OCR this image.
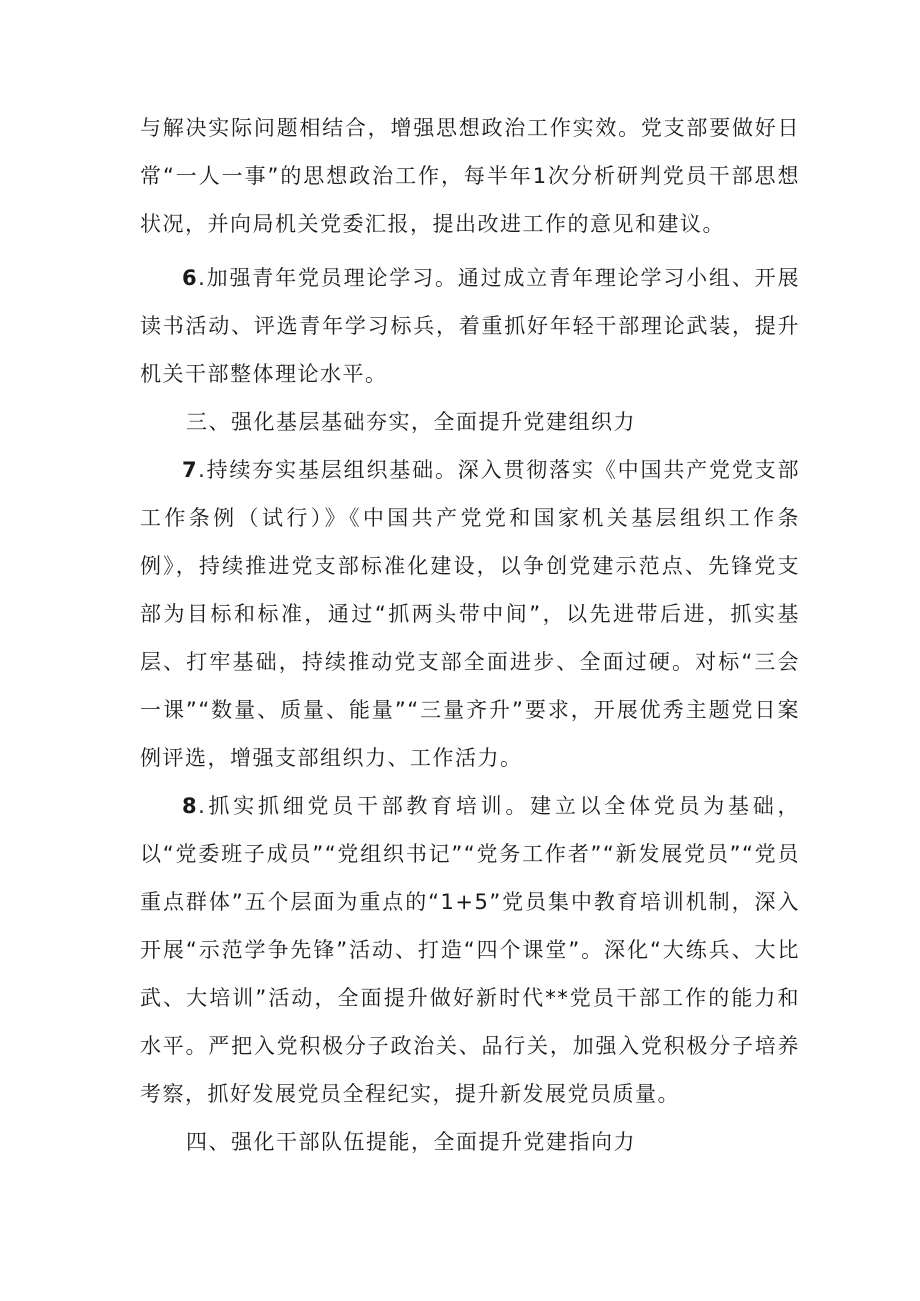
与解决实际问题相结合，增强思想政治工作实效。党支部要做好日常“一人一事”的思想政治工作，每半年1次分析研判党员干部思想状况，并向局机关党委汇报，提出改进工作的意见和建议。

6.加强青年党员理论学习。通过成立青年理论学习小组、开展读书活动、评选青年学习标兵，着重抓好年轻干部理论武装，提升机关干部整体理论水平。

三、强化基层基础夯实，全面提升党建组织力

7.持续夯实基层组织基础。深入贯彻落实《中国共产党党支部工作条例（试行）》《中国共产党党和国家机关基层组织工作条例》，持续推进党支部标准化建设，以争创党建示范点、先锋党支部为目标和标准，通过“抓两头带中间”，以先进带后进，抓实基层、打牢基础，持续推动党支部全面进步、全面过硬。对标“三会一课”“数量、质量、能量”“三量齐升”要求，开展优秀主题党日案例评选，增强支部组织力、工作活力。

8.抓实抓细党员干部教育培训。建立以全体党员为基础，以“党委班子成员”“党组织书记”“党务工作者”“新发展党员”“党员重点群体”五个层面为重点的“1+5”党员集中教育培训机制，深入开展“示范学争先锋”活动、打造“四个课堂”。深化“大练兵、大比武、大培训”活动，全面提升做好新时代**党员干部工作的能力和水平。严把入党积极分子政治关、品行关，加强入党积极分子培养考察，抓好发展党员全程纪实，提升新发展党员质量。

四、强化干部队伍提能，全面提升党建指向力
